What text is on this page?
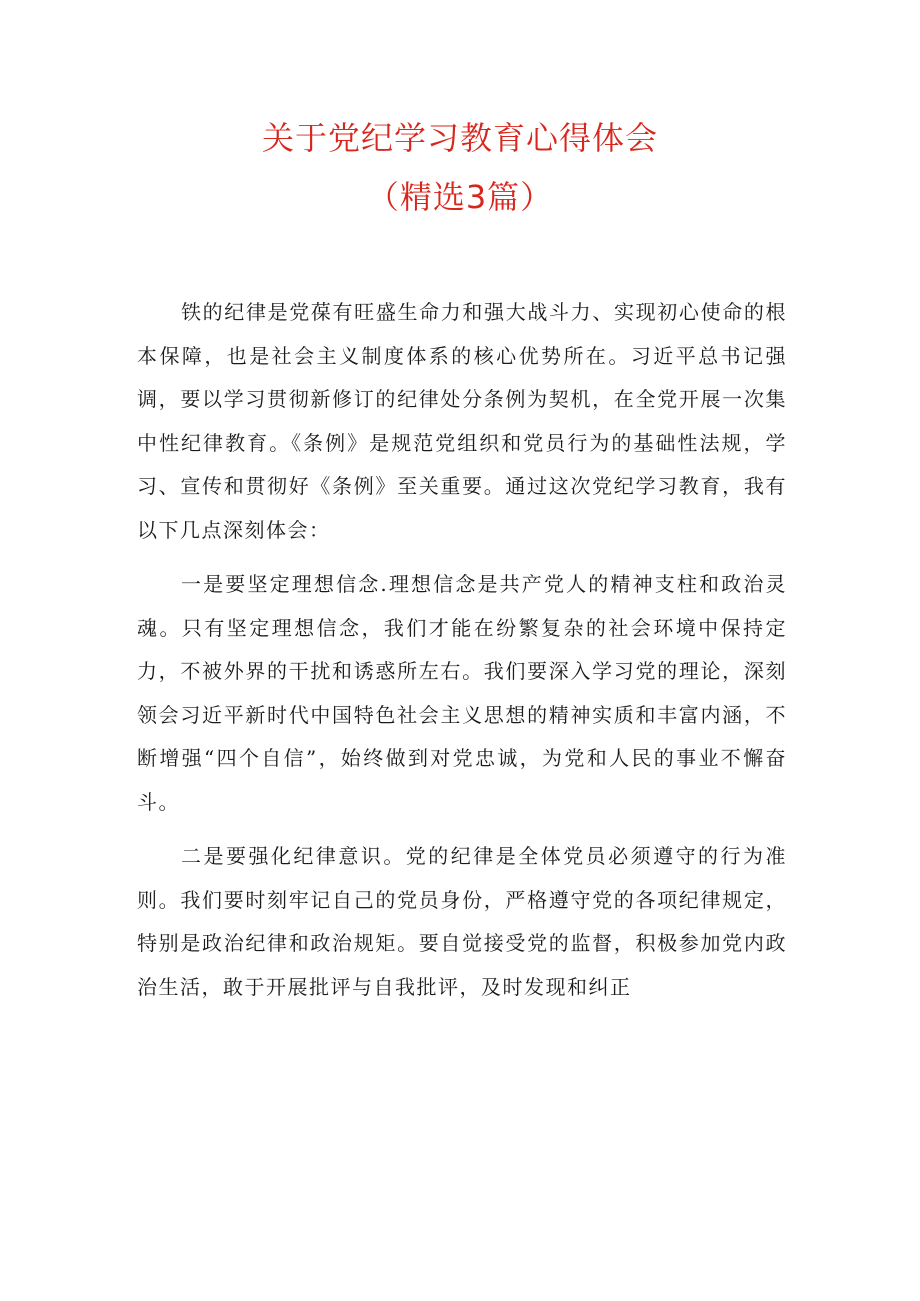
关于党纪学习教育心得体会
（精选3篇）

铁的纪律是党葆有旺盛生命力和强大战斗力、实现初心使命的根本保障，也是社会主义制度体系的核心优势所在。习近平总书记强调，要以学习贯彻新修订的纪律处分条例为契机，在全党开展一次集中性纪律教育。《条例》是规范党组织和党员行为的基础性法规，学习、宣传和贯彻好《条例》至关重要。通过这次党纪学习教育，我有以下几点深刻体会：

一是要坚定理想信念.理想信念是共产党人的精神支柱和政治灵魂。只有坚定理想信念，我们才能在纷繁复杂的社会环境中保持定力，不被外界的干扰和诱惑所左右。我们要深入学习党的理论，深刻领会习近平新时代中国特色社会主义思想的精神实质和丰富内涵，不断增强“四个自信”，始终做到对党忠诚，为党和人民的事业不懈奋斗。

二是要强化纪律意识。党的纪律是全体党员必须遵守的行为准则。我们要时刻牢记自己的党员身份，严格遵守党的各项纪律规定，特别是政治纪律和政治规矩。要自觉接受党的监督，积极参加党内政治生活，敢于开展批评与自我批评，及时发现和纠正
